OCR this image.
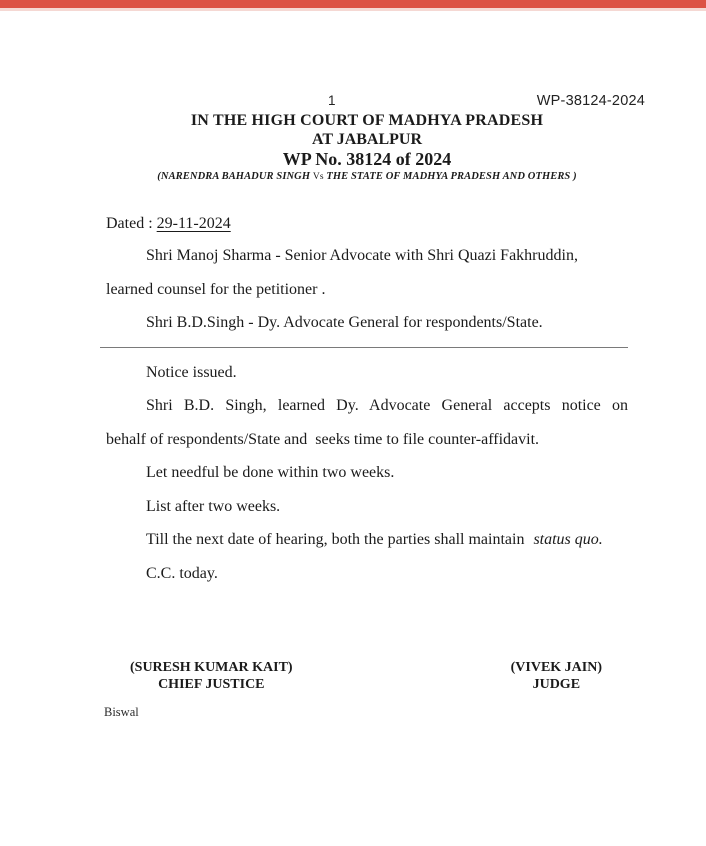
1	WP-38124-2024
IN THE HIGH COURT OF MADHYA PRADESH
AT JABALPUR
WP No. 38124 of 2024
(NARENDRA BAHADUR SINGH Vs THE STATE OF MADHYA PRADESH AND OTHERS )
Dated : 29-11-2024
Shri Manoj Sharma - Senior Advocate with Shri Quazi Fakhruddin,
learned counsel for the petitioner .
Shri B.D.Singh - Dy. Advocate General for respondents/State.
Notice issued.
Shri B.D. Singh, learned Dy. Advocate General accepts notice on
behalf of respondents/State and  seeks time to file counter-affidavit.
Let needful be done within two weeks.
List after two weeks.
Till the next date of hearing, both the parties shall maintain status quo.
C.C. today.
(SURESH KUMAR KAIT)
CHIEF JUSTICE
(VIVEK JAIN)
JUDGE
Biswal
